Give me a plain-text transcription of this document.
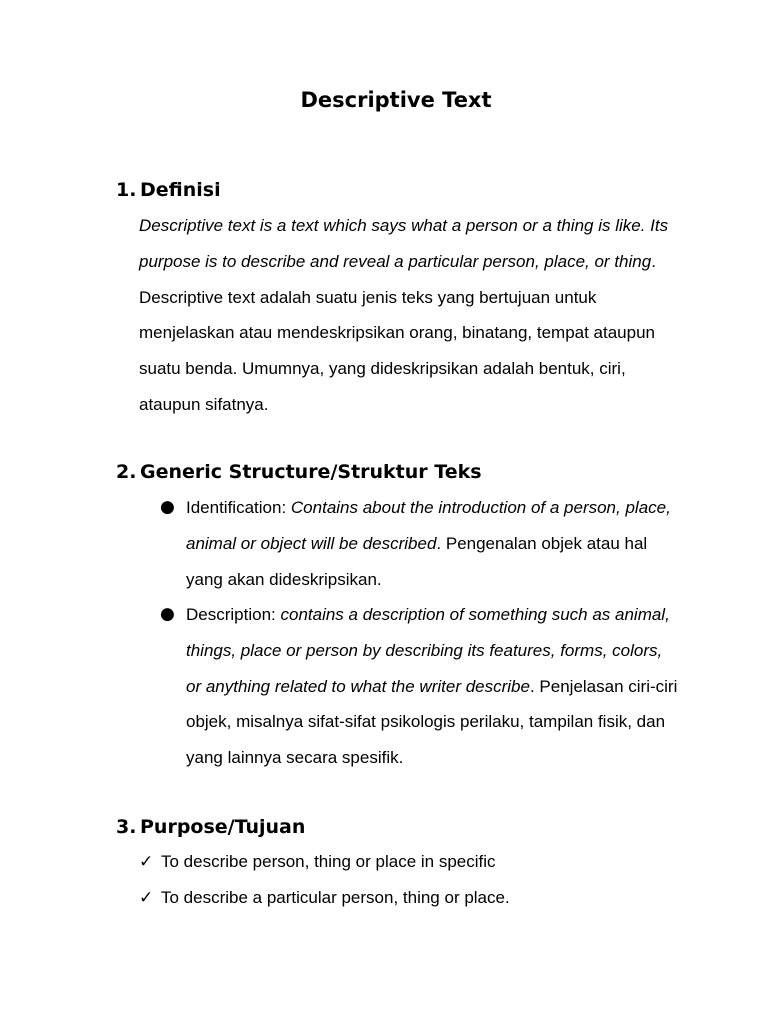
Descriptive Text
1. Definisi
Descriptive text is a text which says what a person or a thing is like. Its purpose is to describe and reveal a particular person, place, or thing. Descriptive text adalah suatu jenis teks yang bertujuan untuk menjelaskan atau mendeskripsikan orang, binatang, tempat ataupun suatu benda. Umumnya, yang dideskripsikan adalah bentuk, ciri, ataupun sifatnya.
2. Generic Structure/Struktur Teks
● Identification: Contains about the introduction of a person, place, animal or object will be described. Pengenalan objek atau hal yang akan dideskripsikan.
● Description: contains a description of something such as animal, things, place or person by describing its features, forms, colors, or anything related to what the writer describe. Penjelasan ciri-ciri objek, misalnya sifat-sifat psikologis perilaku, tampilan fisik, dan yang lainnya secara spesifik.
3. Purpose/Tujuan
✓ To describe person, thing or place in specific
✓ To describe a particular person, thing or place.
